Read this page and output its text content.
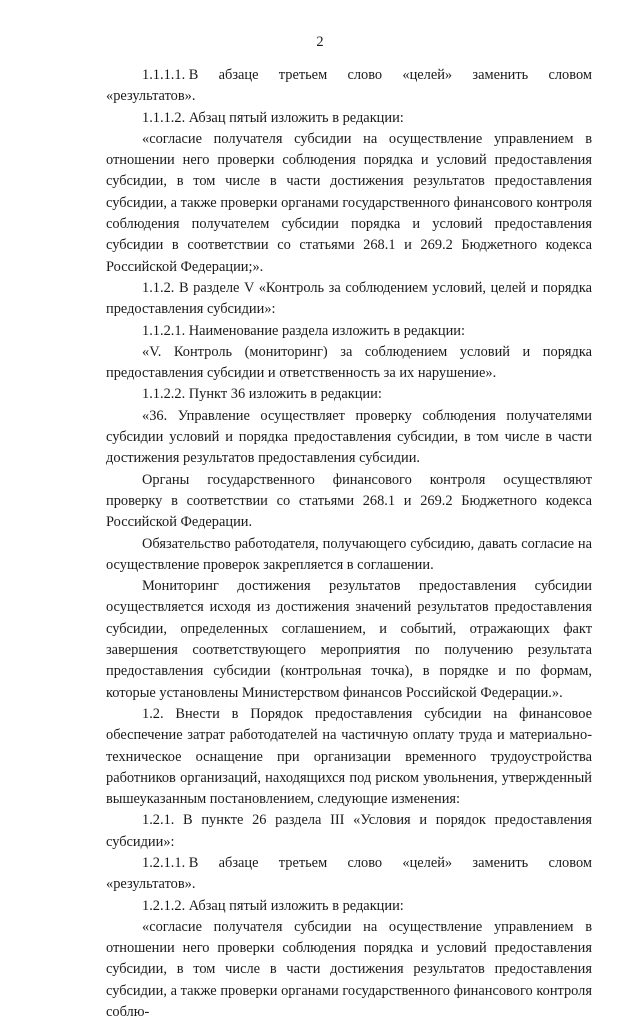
2
1.1.1.1. В абзаце третьем слово «целей» заменить словом

«результатов».

1.1.1.2. Абзац пятый изложить в редакции:

«согласие получателя субсидии на осуществление управлением в отношении него проверки соблюдения порядка и условий предоставления субсидии, в том числе в части достижения результатов предоставления субсидии, а также проверки органами государственного финансового контроля соблюдения получателем субсидии порядка и условий предоставления субсидии в соответствии со статьями 268.1 и 269.2 Бюджетного кодекса Российской Федерации;».

1.1.2. В разделе V «Контроль за соблюдением условий, целей и порядка предоставления субсидии»:

1.1.2.1. Наименование раздела изложить в редакции:

«V. Контроль (мониторинг) за соблюдением условий и порядка предоставления субсидии и ответственность за их нарушение».

1.1.2.2. Пункт 36 изложить в редакции:

«36. Управление осуществляет проверку соблюдения получателями субсидии условий и порядка предоставления субсидии, в том числе в части достижения результатов предоставления субсидии.

Органы государственного финансового контроля осуществляют проверку в соответствии со статьями 268.1 и 269.2 Бюджетного кодекса Российской Федерации.

Обязательство работодателя, получающего субсидию, давать согласие на осуществление проверок закрепляется в соглашении.

Мониторинг достижения результатов предоставления субсидии осуществляется исходя из достижения значений результатов предоставления субсидии, определенных соглашением, и событий, отражающих факт завершения соответствующего мероприятия по получению результата предоставления субсидии (контрольная точка), в порядке и по формам, которые установлены Министерством финансов Российской Федерации.».

1.2. Внести в Порядок предоставления субсидии на финансовое обеспечение затрат работодателей на частичную оплату труда и материально-техническое оснащение при организации временного трудоустройства работников организаций, находящихся под риском увольнения, утвержденный вышеуказанным постановлением, следующие изменения:

1.2.1. В пункте 26 раздела III «Условия и порядок предоставления субсидии»:

1.2.1.1. В абзаце третьем слово «целей» заменить словом

«результатов».

1.2.1.2. Абзац пятый изложить в редакции:

«согласие получателя субсидии на осуществление управлением в отношении него проверки соблюдения порядка и условий предоставления субсидии, в том числе в части достижения результатов предоставления субсидии, а также проверки органами государственного финансового контроля соблю-
